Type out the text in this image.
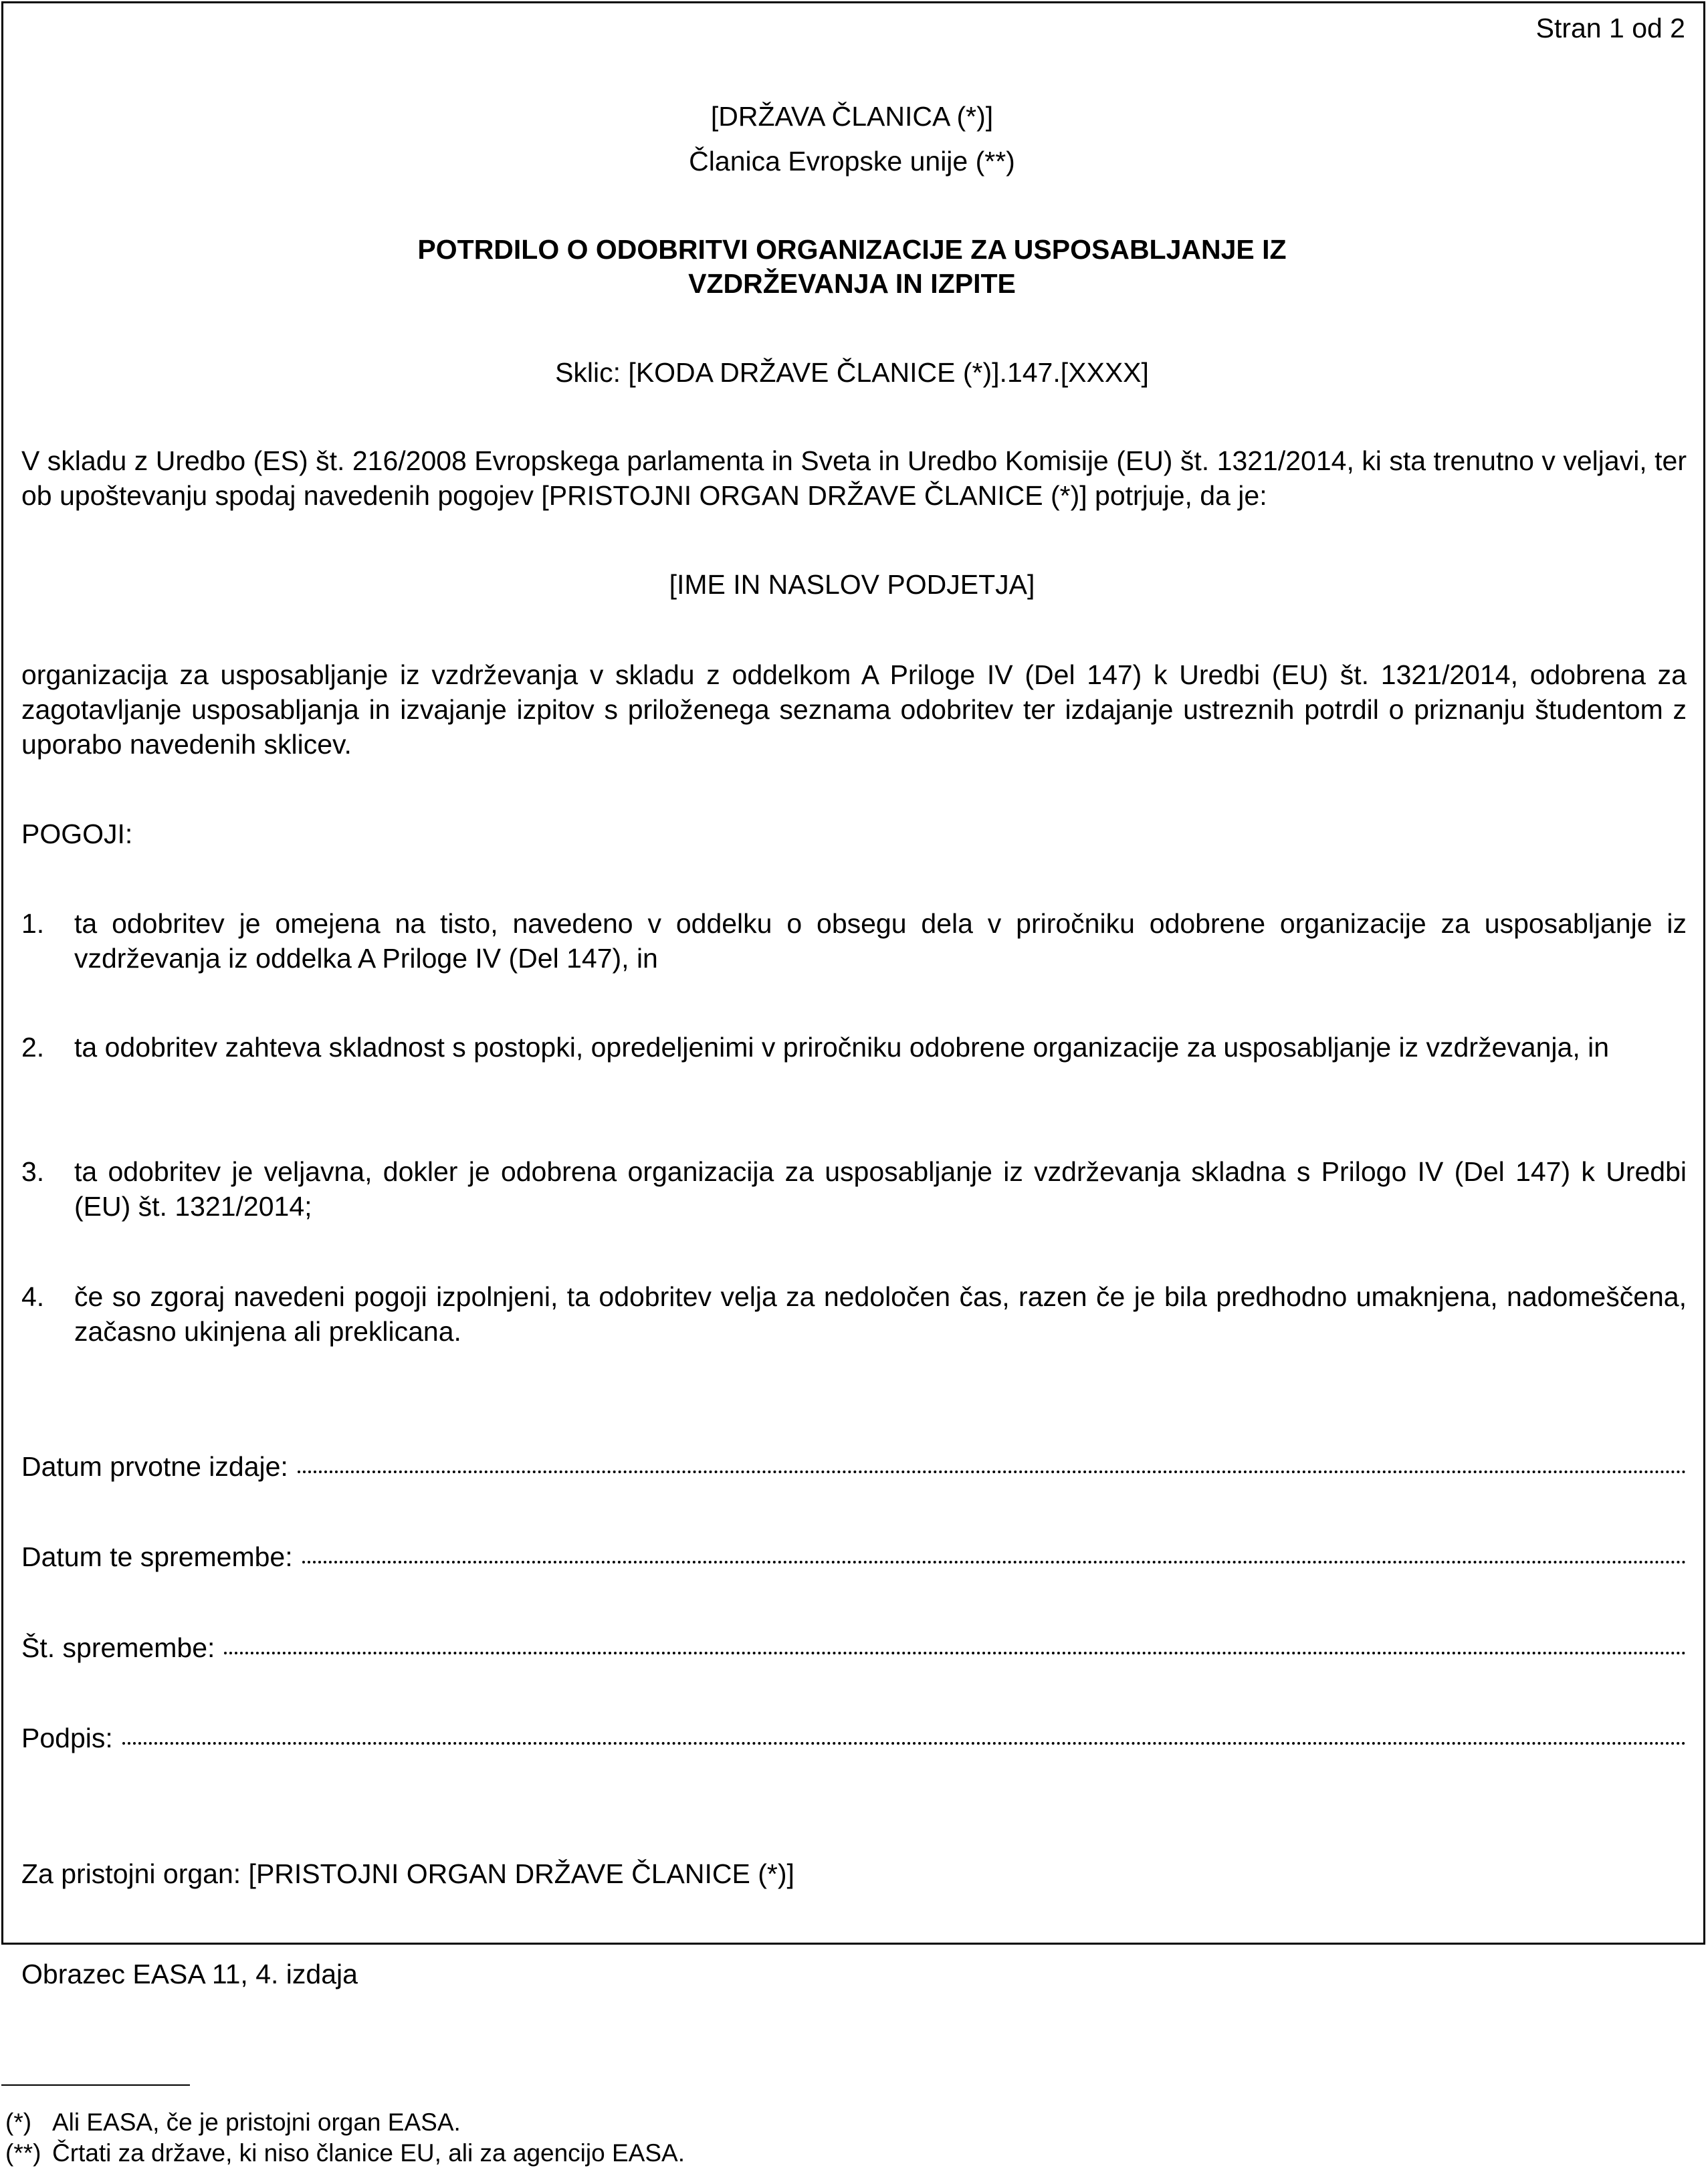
Stran 1 od 2
[DRŽAVA ČLANICA (*)]
Članica Evropske unije (**)
POTRDILO O ODOBRITVI ORGANIZACIJE ZA USPOSABLJANJE IZ
VZDRŽEVANJA IN IZPITE
Sklic: [KODA DRŽAVE ČLANICE (*)].147.[XXXX]
V skladu z Uredbo (ES) št. 216/2008 Evropskega parlamenta in Sveta in Uredbo Komisije (EU) št. 1321/2014, ki sta trenutno v veljavi, ter ob upoštevanju spodaj navedenih pogojev [PRISTOJNI ORGAN DRŽAVE ČLANICE (*)] potrjuje, da je:
[IME IN NASLOV PODJETJA]
organizacija za usposabljanje iz vzdrževanja v skladu z oddelkom A Priloge IV (Del 147) k Uredbi (EU) št. 1321/2014, odobrena za zagotavljanje usposabljanja in izvajanje izpitov s priloženega seznama odobritev ter izdajanje ustreznih potrdil o priznanju študentom z uporabo navedenih sklicev.
POGOJI:
1. ta odobritev je omejena na tisto, navedeno v oddelku o obsegu dela v priročniku odobrene organizacije za usposabljanje iz vzdrževanja iz oddelka A Priloge IV (Del 147), in
2. ta odobritev zahteva skladnost s postopki, opredeljenimi v priročniku odobrene organizacije za usposabljanje iz vzdrževanja, in
3. ta odobritev je veljavna, dokler je odobrena organizacija za usposabljanje iz vzdrževanja skladna s Prilogo IV (Del 147) k Uredbi (EU) št. 1321/2014;
4. če so zgoraj navedeni pogoji izpolnjeni, ta odobritev velja za nedoločen čas, razen če je bila predhodno umaknjena, nadomeščena, začasno ukinjena ali preklicana.
Datum prvotne izdaje:
Datum te spremembe:
Št. spremembe:
Podpis:
Za pristojni organ: [PRISTOJNI ORGAN DRŽAVE ČLANICE (*)]
Obrazec EASA 11, 4. izdaja
(*) Ali EASA, če je pristojni organ EASA.
(**) Črtati za države, ki niso članice EU, ali za agencijo EASA.
